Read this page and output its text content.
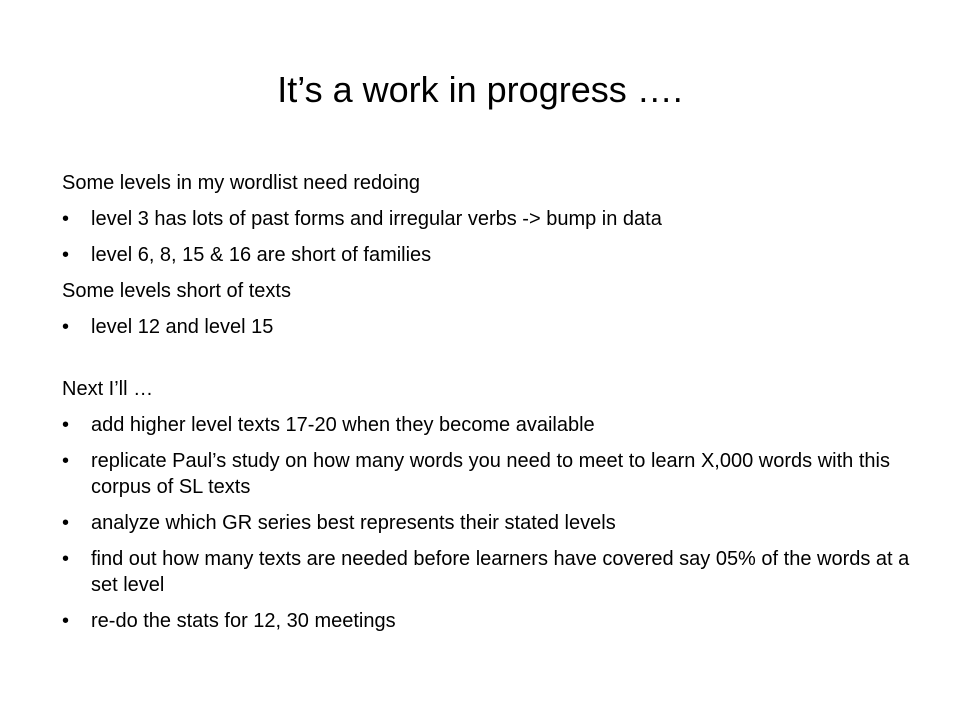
It’s a work in progress ….
Some levels in my wordlist need redoing
• level 3 has lots of past forms and irregular verbs -> bump in data
• level 6, 8, 15 & 16 are short of families
Some levels short of texts
• level 12 and level 15
Next I’ll …
• add higher level texts 17-20 when they become available
• replicate Paul’s study on how many words you need to meet to learn X,000 words with this corpus of SL texts
• analyze which GR series best represents their stated levels
• find out how many texts are needed before learners have covered say 05% of the words at a set level
• re-do the stats for 12, 30 meetings
